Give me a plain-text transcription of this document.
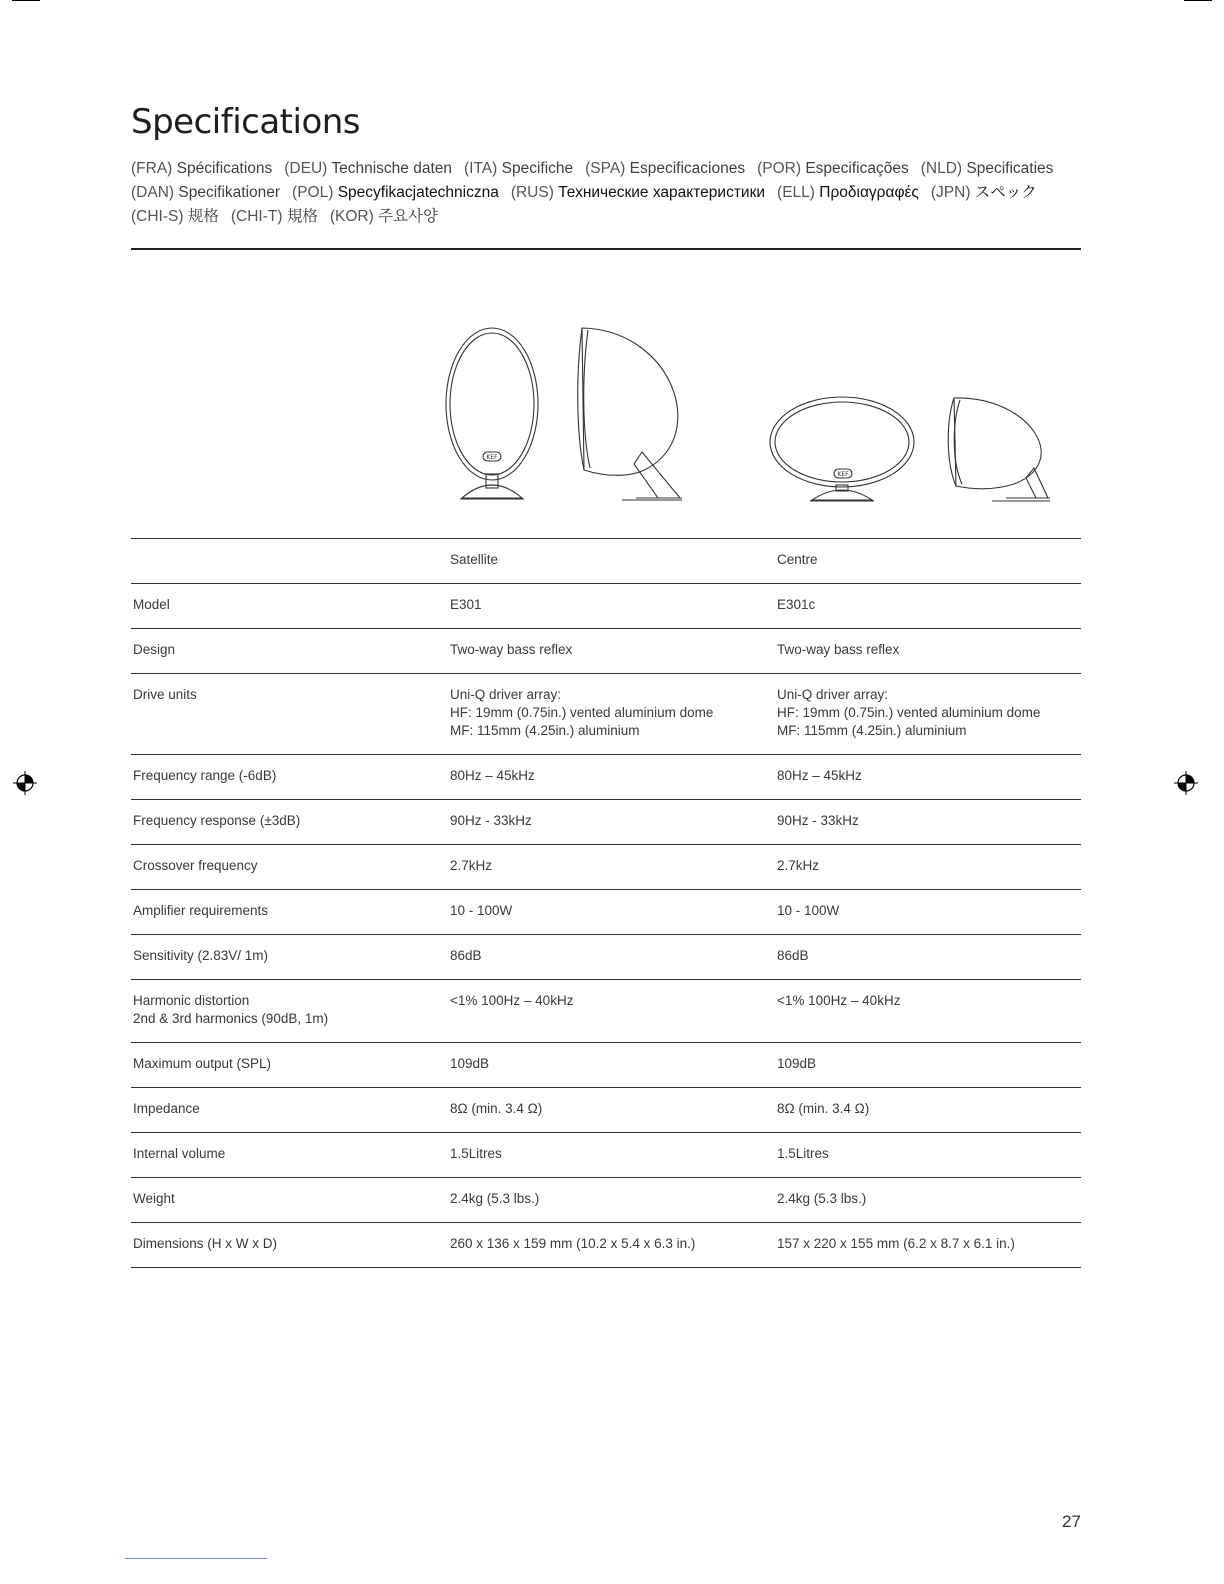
Specifications
(FRA) Spécifications (DEU) Technische daten (ITA) Specifiche (SPA) Especificaciones (POR) Especificações (NLD) Specificaties
(DAN) Specifikationer (POL) Specyfikacjatechniczna (RUS) Технические характеристики (ELL) Προδιαγραφές (JPN) スペック
(CHI-S) 规格 (CHI-T) 規格 (KOR) 주요사양
KEF
KEF
	Satellite	Centre

Model	E301	E301c

Design	Two-way bass reflex	Two-way bass reflex

Drive units	Uni-Q driver array:
HF: 19mm (0.75in.) vented aluminium dome
MF: 115mm (4.25in.) aluminium	Uni-Q driver array:
HF: 19mm (0.75in.) vented aluminium dome
MF: 115mm (4.25in.) aluminium

Frequency range (-6dB)	80Hz – 45kHz	80Hz – 45kHz

Frequency response (±3dB)	90Hz - 33kHz	90Hz - 33kHz

Crossover frequency	2.7kHz	2.7kHz

Amplifier requirements	10 - 100W	10 - 100W

Sensitivity (2.83V/ 1m)	86dB	86dB

Harmonic distortion
2nd & 3rd harmonics (90dB, 1m)	<1% 100Hz – 40kHz	<1% 100Hz – 40kHz

Maximum output (SPL)	109dB	109dB

Impedance	8Ω (min. 3.4 Ω)	8Ω (min. 3.4 Ω)

Internal volume	1.5Litres	1.5Litres

Weight	2.4kg (5.3 lbs.)	2.4kg (5.3 lbs.)

Dimensions (H x W x D)	260 x 136 x 159 mm (10.2 x 5.4 x 6.3 in.)	157 x 220 x 155 mm (6.2 x 8.7 x 6.1 in.)
27
